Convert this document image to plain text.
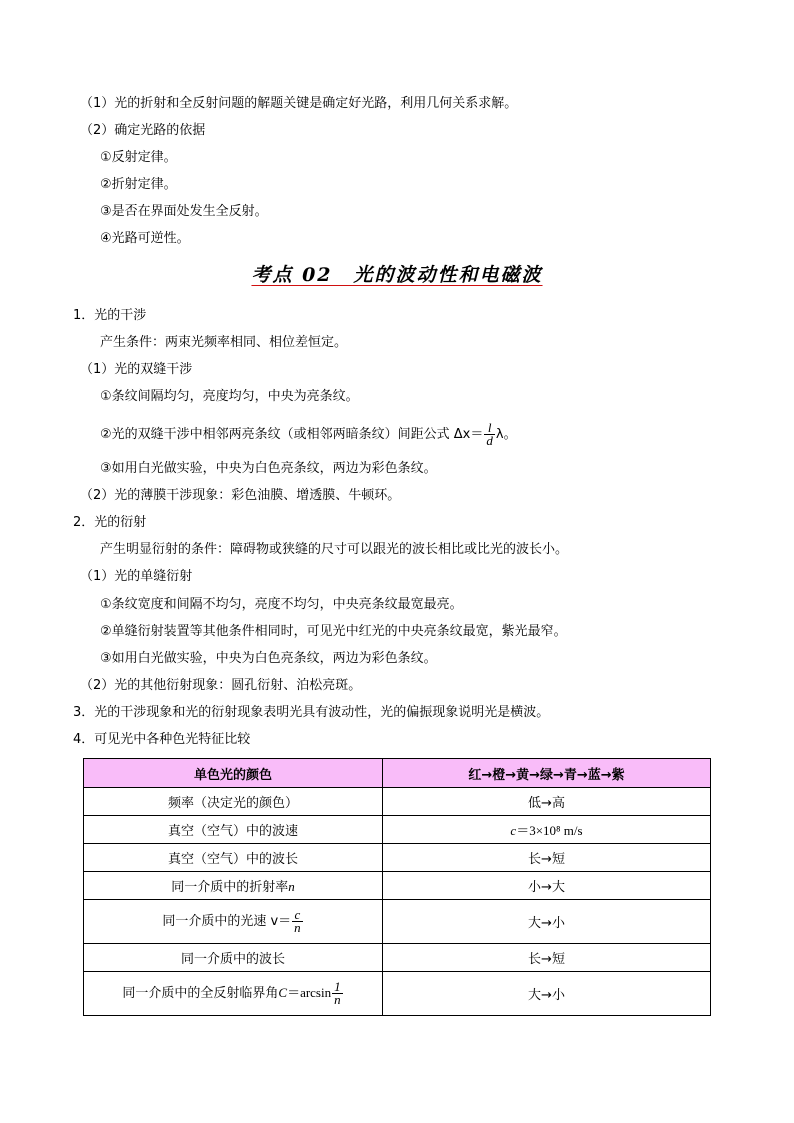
（1）光的折射和全反射问题的解题关键是确定好光路，利用几何关系求解。
（2）确定光路的依据
①反射定律。
②折射定律。
③是否在界面处发生全反射。
④光路可逆性。
考点 02　光的波动性和电磁波
1．光的干涉
产生条件：两束光频率相同、相位差恒定。
（1）光的双缝干涉
①条纹间隔均匀，亮度均匀，中央为亮条纹。
②光的双缝干涉中相邻两亮条纹（或相邻两暗条纹）间距公式 $\Delta x= \frac{l}{d}$ λ。
③如用白光做实验，中央为白色亮条纹，两边为彩色条纹。
（2）光的薄膜干涉现象：彩色油膜、增透膜、牛顿环。
2．光的衍射
产生明显衍射的条件：障碍物或狭缝的尺寸可以跟光的波长相比或比光的波长小。
（1）光的单缝衍射
①条纹宽度和间隔不均匀，亮度不均匀，中央亮条纹最宽最亮。
②单缝衍射装置等其他条件相同时，可见光中红光的中央亮条纹最宽，紫光最窄。
③如用白光做实验，中央为白色亮条纹，两边为彩色条纹。
（2）光的其他衍射现象：圆孔衍射、泊松亮斑。
3．光的干涉现象和光的衍射现象表明光具有波动性，光的偏振现象说明光是横波。
4．可见光中各种色光特征比较
单色光的颜色	红→橙→黄→绿→青→蓝→紫
频率（决定光的颜色）	低→高
真空（空气）中的波速	c＝3×10⁸ m/s
真空（空气）中的波长	长→短
同一介质中的折射率n	小→大
同一介质中的光速 $v= \frac{c}{n}$	大→小
同一介质中的波长	长→短
同一介质中的全反射临界角$C=\arcsin \frac{1}{n}$	大→小
